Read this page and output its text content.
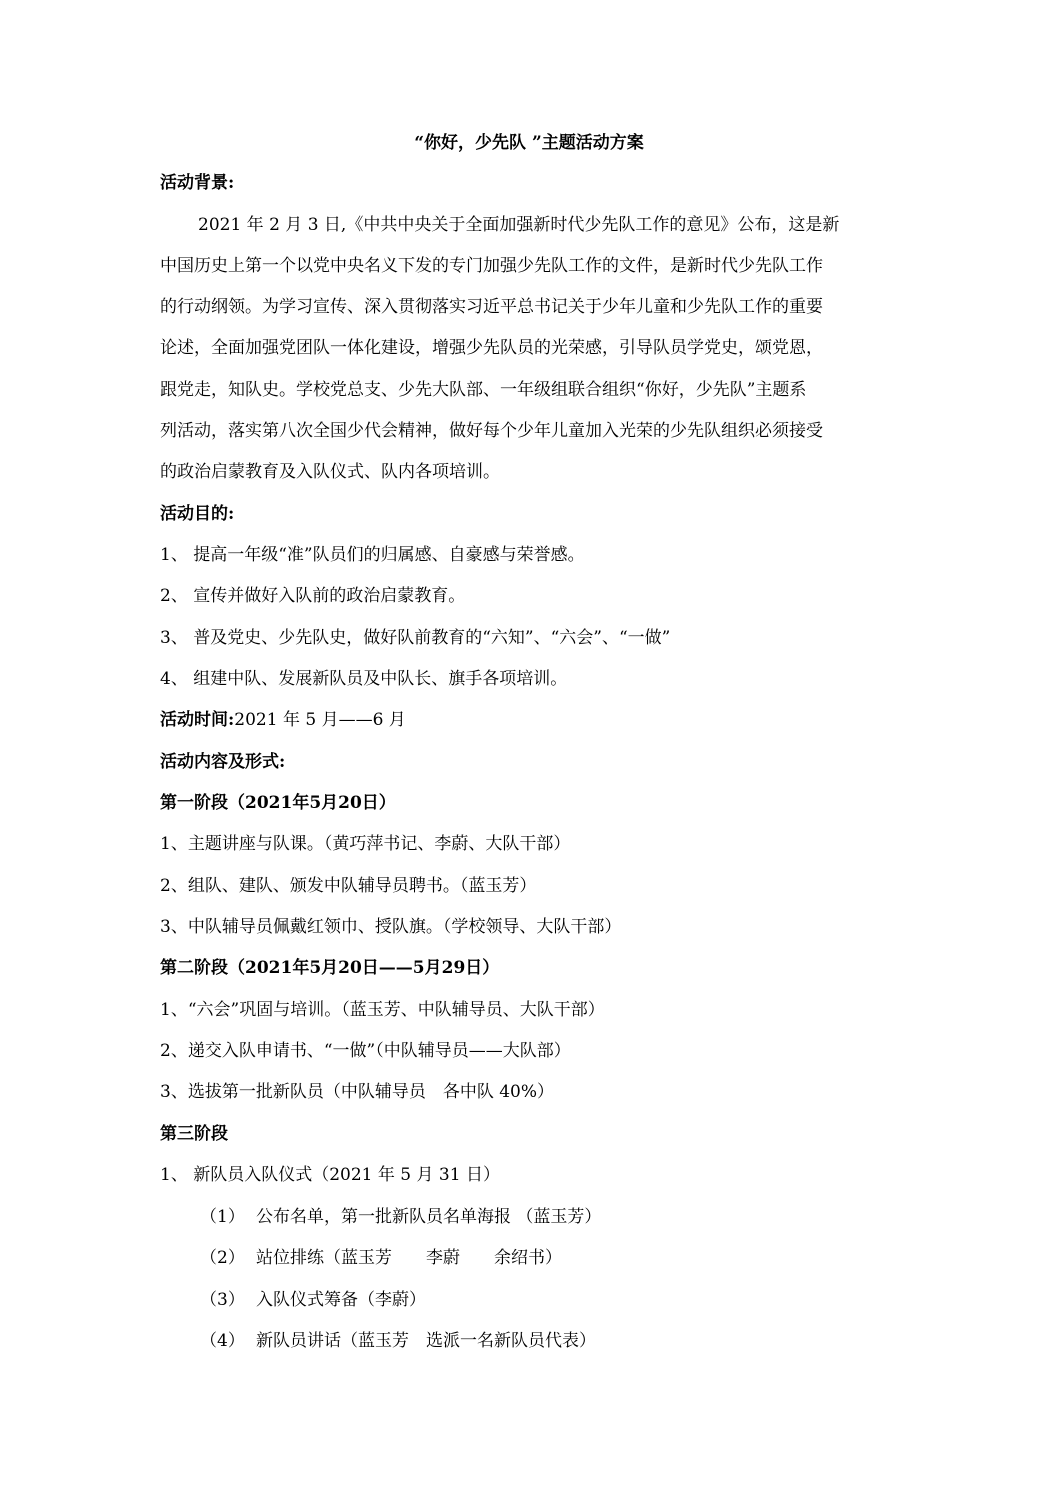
“你好，少先队 ”主题活动方案
活动背景:
2021 年 2 月 3 日,《中共中央关于全面加强新时代少先队工作的意见》公布，这是新
中国历史上第一个以党中央名义下发的专门加强少先队工作的文件，是新时代少先队工作
的行动纲领。为学习宣传、深入贯彻落实习近平总书记关于少年儿童和少先队工作的重要
论述，全面加强党团队一体化建设，增强少先队员的光荣感，引导队员学党史，颂党恩，
跟党走，知队史。学校党总支、少先大队部、一年级组联合组织“你好，少先队”主题系
列活动，落实第八次全国少代会精神，做好每个少年儿童加入光荣的少先队组织必须接受
的政治启蒙教育及入队仪式、队内各项培训。
活动目的:
1、 提高一年级“准”队员们的归属感、自豪感与荣誉感。
2、 宣传并做好入队前的政治启蒙教育。
3、 普及党史、少先队史，做好队前教育的“六知”、“六会”、“一做”
4、 组建中队、发展新队员及中队长、旗手各项培训。
活动时间:2021 年 5 月——6 月
活动内容及形式:
第一阶段（2021年5月20日）
1、主题讲座与队课。（黄巧萍书记、李蔚、大队干部）
2、组队、建队、颁发中队辅导员聘书。（蓝玉芳）
3、中队辅导员佩戴红领巾、授队旗。（学校领导、大队干部）
第二阶段（2021年5月20日——5月29日）
1、“六会”巩固与培训。（蓝玉芳、中队辅导员、大队干部）
2、递交入队申请书、“一做”（中队辅导员——大队部）
3、选拔第一批新队员（中队辅导员　各中队 40%）
第三阶段
1、 新队员入队仪式（2021 年 5 月 31 日）
（1） 公布名单，第一批新队员名单海报 （蓝玉芳）
（2） 站位排练（蓝玉芳　　李蔚　　余绍书）
（3） 入队仪式筹备（李蔚）
（4） 新队员讲话（蓝玉芳　选派一名新队员代表）
